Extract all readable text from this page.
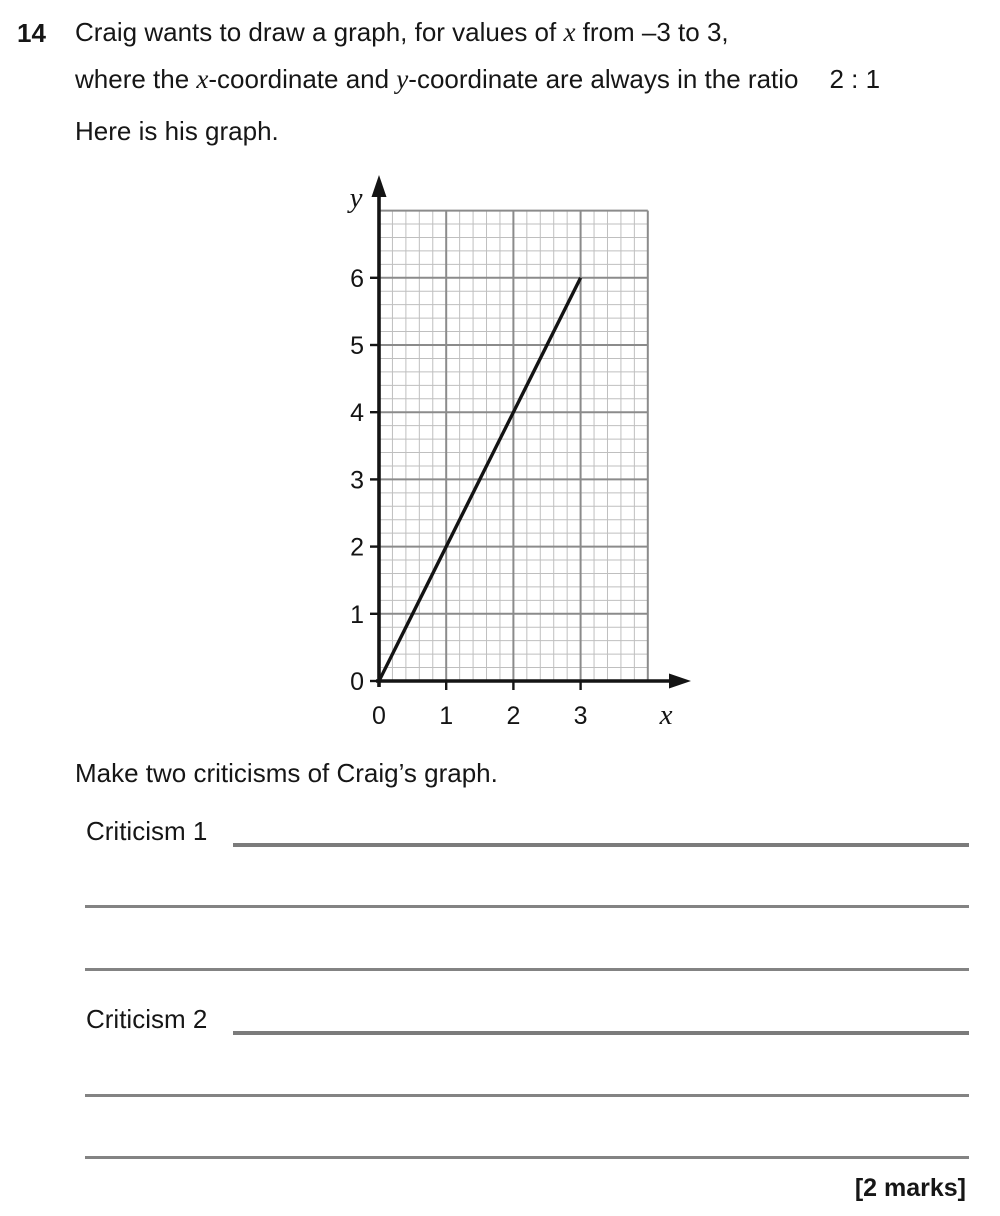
14 Craig wants to draw a graph, for values of x from –3 to 3,
where the x-coordinate and y-coordinate are always in the ratio 2 : 1
Here is his graph.
0
1
2
3
4
5
6
0 1 2 3
y
x
Make two criticisms of Craig’s graph.
Criticism 1
Criticism 2
[2 marks]
